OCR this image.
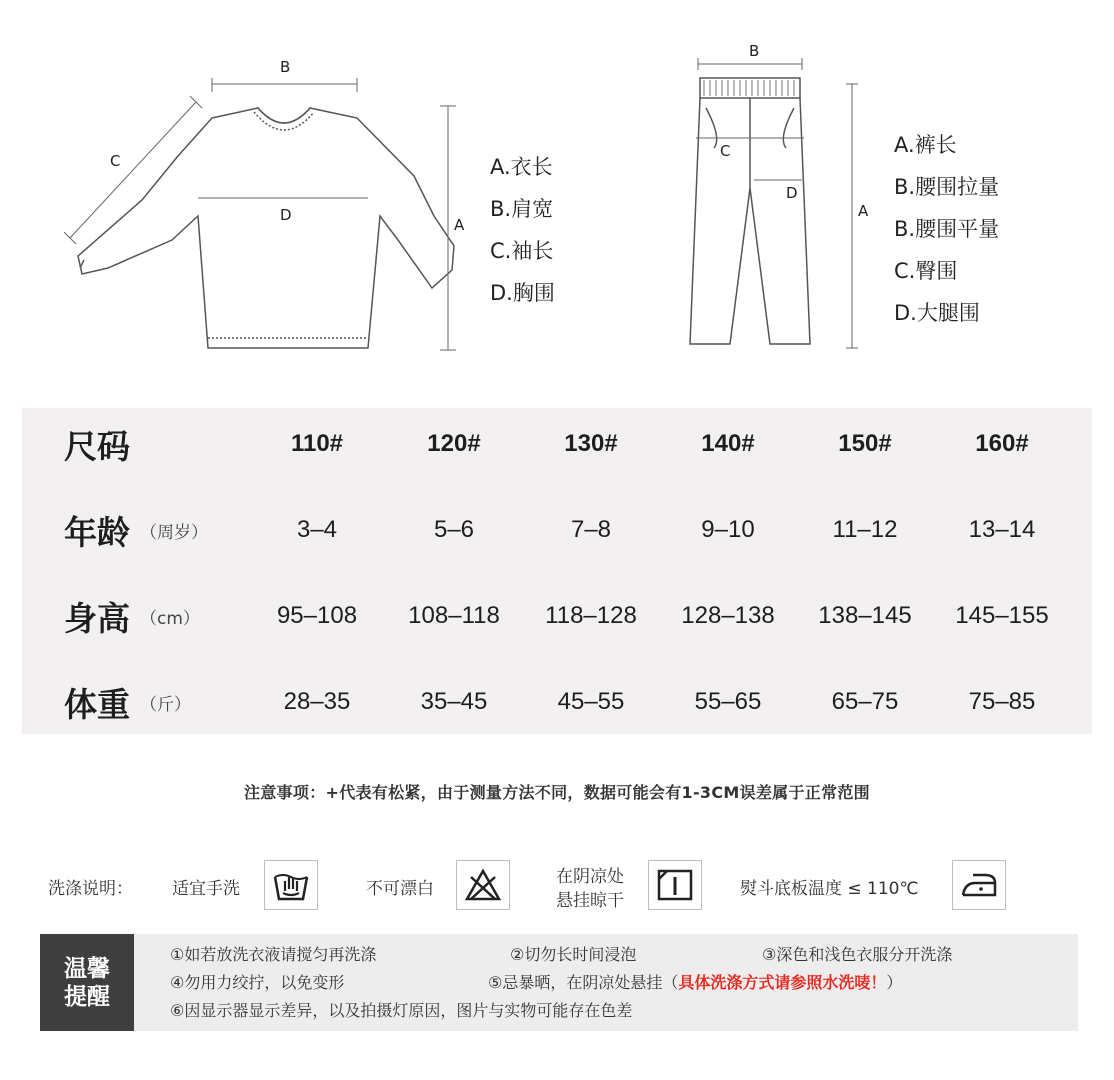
B
C
D
A
A.衣长
B.肩宽
C.袖长
D.胸围
B
C
D
A
A.裤长
B.腰围拉量
B.腰围平量
C.臀围
D.大腿围
尺码	110#	120#	130#	140#	150#	160#
年龄 （周岁）	3–4	5–6	7–8	9–10	11–12	13–14
身高 （cm）	95–108	108–118	118–128	128–138	138–145	145–155
体重 （斤）	28–35	35–45	45–55	55–65	65–75	75–85
注意事项：+代表有松紧，由于测量方法不同，数据可能会有1-3CM误差属于正常范围
洗涤说明： 适宜手洗	不可漂白
在阴凉处
悬挂晾干
熨斗底板温度 ≤ 110℃
温馨
提醒
①如若放洗衣液请搅匀再洗涤	②切勿长时间浸泡	③深色和浅色衣服分开洗涤
④勿用力绞拧，以免变形	⑤忌暴晒，在阴凉处悬挂（具体洗涤方式请参照水洗唛！）
⑥因显示器显示差异，以及拍摄灯原因，图片与实物可能存在色差
